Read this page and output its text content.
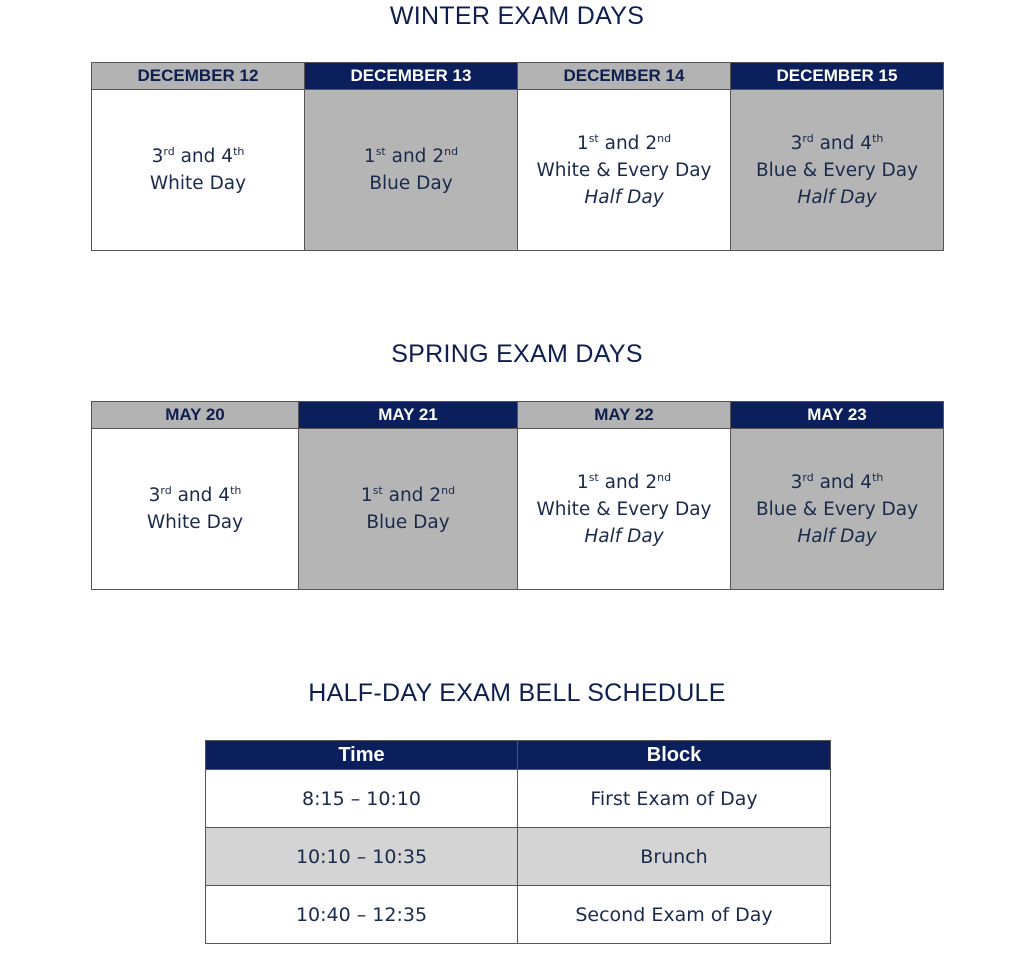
WINTER EXAM DAYS
DECEMBER 12	DECEMBER 13	DECEMBER 14	DECEMBER 15

3rd and 4th
White Day	1st and 2nd
Blue Day	1st and 2nd
White & Every Day
Half Day	3rd and 4th
Blue & Every Day
Half Day
SPRING EXAM DAYS
MAY 20	MAY 21	MAY 22	MAY 23

3rd and 4th
White Day	1st and 2nd
Blue Day	1st and 2nd
White & Every Day
Half Day	3rd and 4th
Blue & Every Day
Half Day
HALF-DAY EXAM BELL SCHEDULE
Time	Block
8:15 – 10:10	First Exam of Day
10:10 – 10:35	Brunch
10:40 – 12:35	Second Exam of Day
